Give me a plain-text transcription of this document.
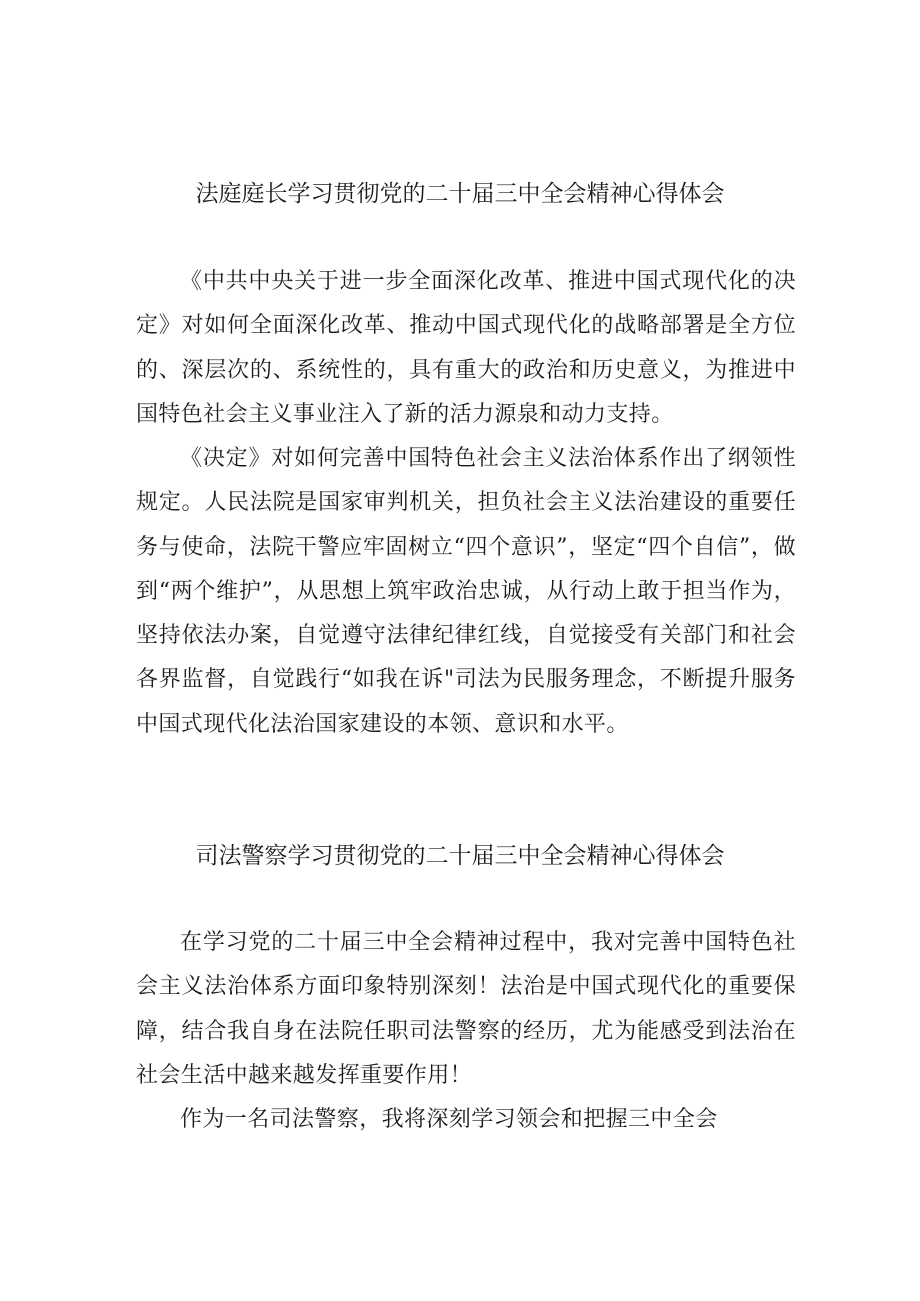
法庭庭长学习贯彻党的二十届三中全会精神心得体会

《中共中央关于进一步全面深化改革、推进中国式现代化的决定》对如何全面深化改革、推动中国式现代化的战略部署是全方位的、深层次的、系统性的，具有重大的政治和历史意义，为推进中国特色社会主义事业注入了新的活力源泉和动力支持。

《决定》对如何完善中国特色社会主义法治体系作出了纲领性规定。人民法院是国家审判机关，担负社会主义法治建设的重要任务与使命，法院干警应牢固树立“四个意识”，坚定“四个自信”，做到“两个维护”，从思想上筑牢政治忠诚，从行动上敢于担当作为，坚持依法办案，自觉遵守法律纪律红线，自觉接受有关部门和社会各界监督，自觉践行“如我在诉"司法为民服务理念，不断提升服务中国式现代化法治国家建设的本领、意识和水平。

司法警察学习贯彻党的二十届三中全会精神心得体会

在学习党的二十届三中全会精神过程中，我对完善中国特色社会主义法治体系方面印象特别深刻！法治是中国式现代化的重要保障，结合我自身在法院任职司法警察的经历，尤为能感受到法治在社会生活中越来越发挥重要作用！

作为一名司法警察，我将深刻学习领会和把握三中全会
